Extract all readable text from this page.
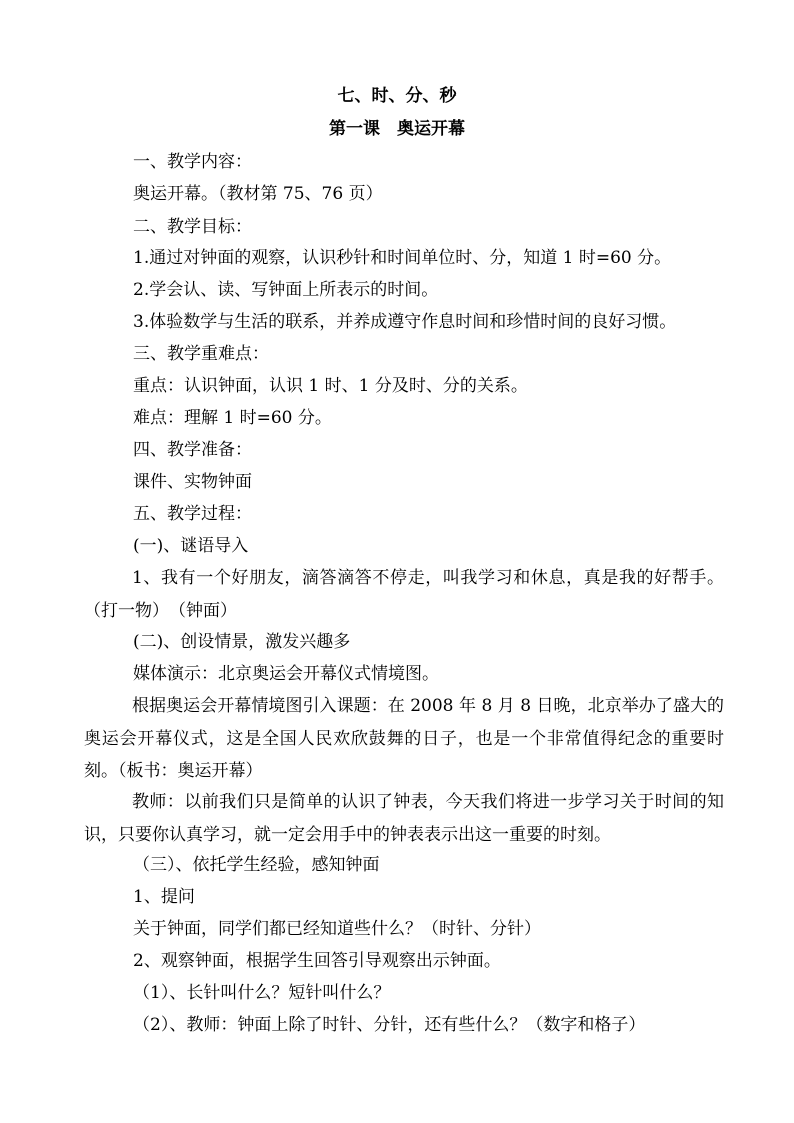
七、时、分、秒
第一课　奥运开幕
一、教学内容：
奥运开幕。（教材第 75、76 页）
二、教学目标：
1.通过对钟面的观察，认识秒针和时间单位时、分，知道 1 时=60 分。
2.学会认、读、写钟面上所表示的时间。
3.体验数学与生活的联系，并养成遵守作息时间和珍惜时间的良好习惯。
三、教学重难点：
重点：认识钟面，认识 1 时、1 分及时、分的关系。
难点：理解 1 时=60 分。
四、教学准备：
课件、实物钟面
五、教学过程：
(一)、谜语导入
1、我有一个好朋友，滴答滴答不停走，叫我学习和休息，真是我的好帮手。（打一物）　（钟面）
(二)、创设情景，激发兴趣多
媒体演示：北京奥运会开幕仪式情境图。
根据奥运会开幕情境图引入课题：在 2008 年 8 月 8 日晚，北京举办了盛大的奥运会开幕仪式，这是全国人民欢欣鼓舞的日子，也是一个非常值得纪念的重要时刻。（板书：奥运开幕）
教师：以前我们只是简单的认识了钟表，今天我们将进一步学习关于时间的知识，只要你认真学习，就一定会用手中的钟表表示出这一重要的时刻。
（三）、依托学生经验，感知钟面
1、提问
关于钟面，同学们都已经知道些什么？（时针、分针）
2、观察钟面，根据学生回答引导观察出示钟面。
（1）、长针叫什么？短针叫什么？
（2）、教师：钟面上除了时针、分针，还有些什么？（数字和格子）
